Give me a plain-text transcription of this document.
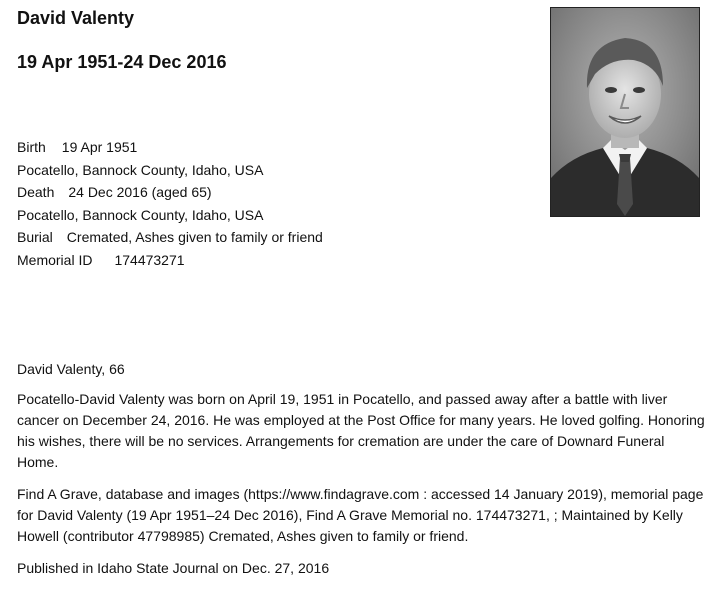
David Valenty
19 Apr 1951-24 Dec 2016
Birth 19 Apr 1951
Pocatello, Bannock County, Idaho, USA
Death 24 Dec 2016 (aged 65)
Pocatello, Bannock County, Idaho, USA
Burial Cremated, Ashes given to family or friend
Memorial ID 174473271

David Valenty, 66

Pocatello-David Valenty was born on April 19, 1951 in Pocatello, and passed away after a battle with liver cancer on December 24, 2016. He was employed at the Post Office for many years. He loved golfing. Honoring his wishes, there will be no services. Arrangements for cremation are under the care of Downard Funeral Home.

Find A Grave, database and images (https://www.findagrave.com : accessed 14 January 2019), memorial page for David Valenty (19 Apr 1951–24 Dec 2016), Find A Grave Memorial no. 174473271, ; Maintained by Kelly Howell (contributor 47798985) Cremated, Ashes given to family or friend.

Published in Idaho State Journal on Dec. 27, 2016
